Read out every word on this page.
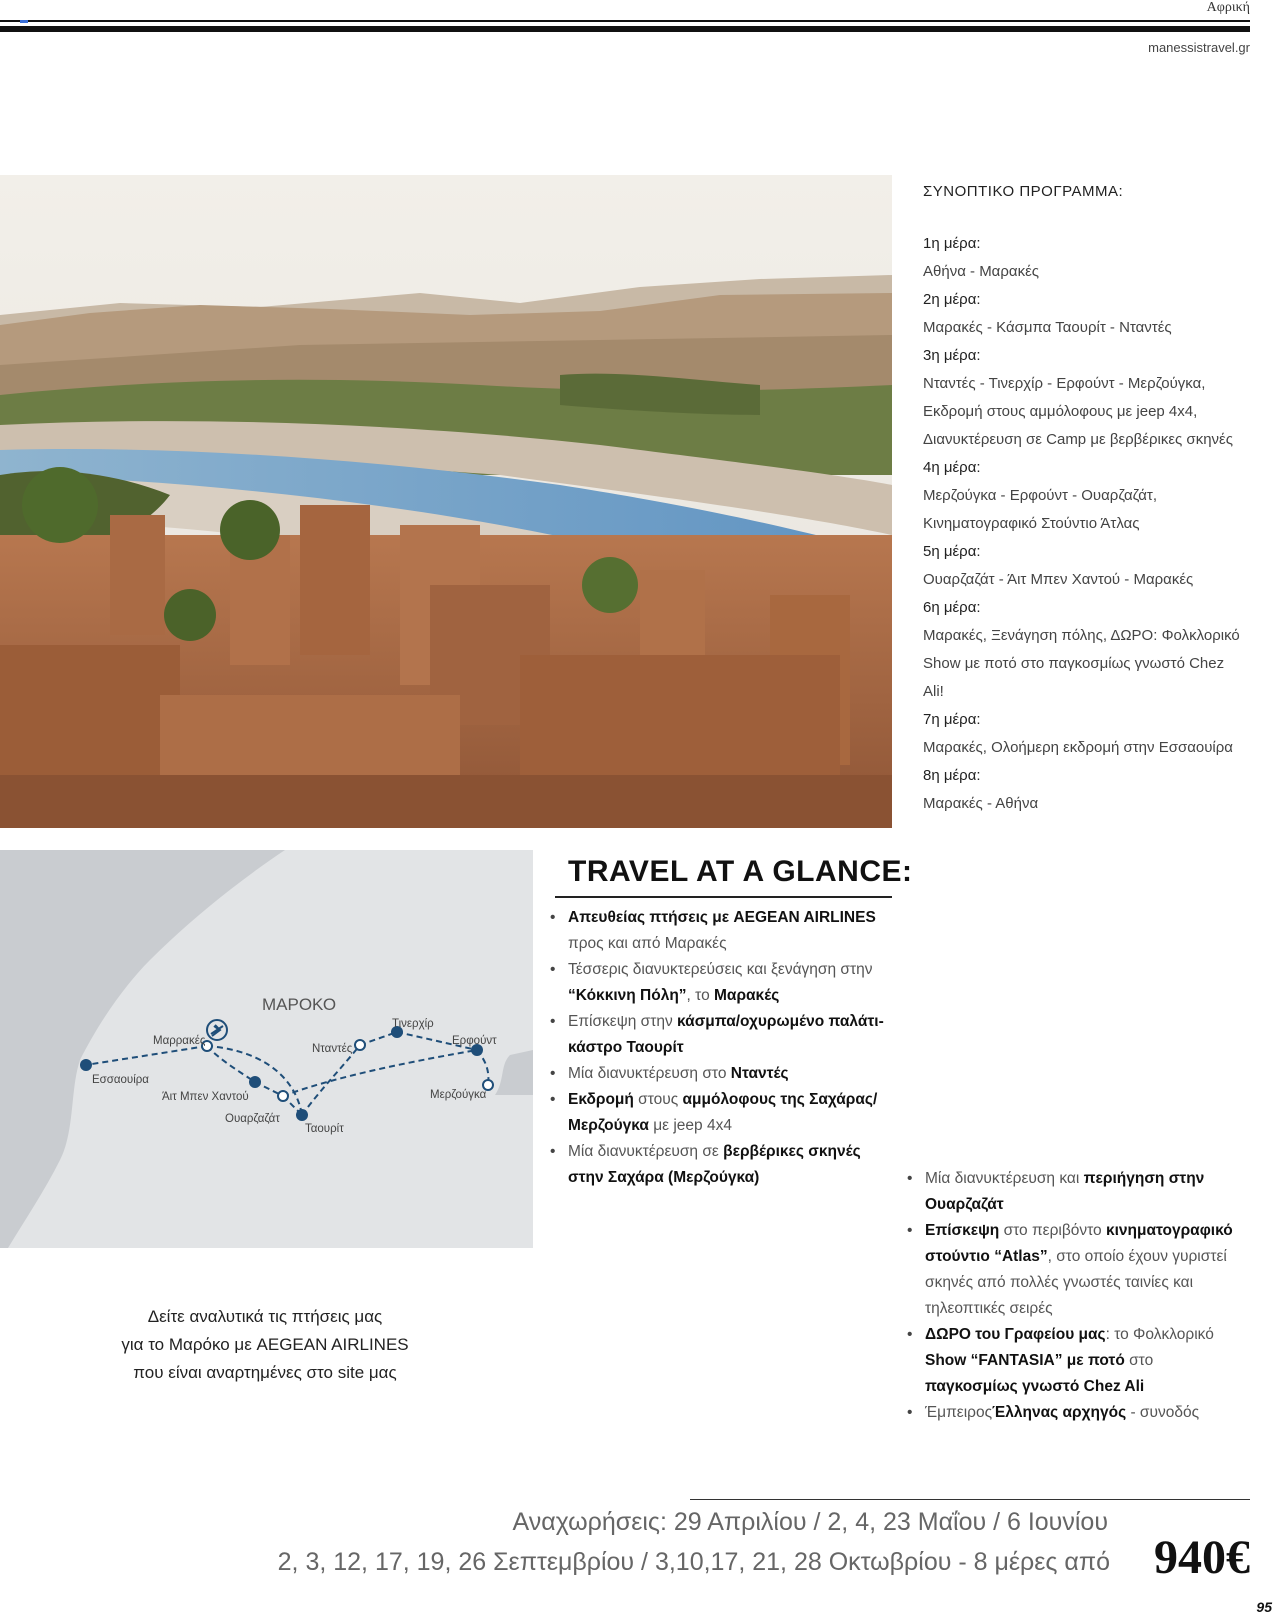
Αφρική
manessistravel.gr
ΣΥΝΟΠΤΙΚΟ ΠΡΟΓΡΑΜΜΑ:
1η μέρα:
Αθήνα - Μαρακές
2η μέρα:
Μαρακές - Κάσμπα Ταουρίτ - Νταντές
3η μέρα:
Νταντές - Τινερχίρ - Ερφούντ - Μερζούγκα,
Εκδρομή στους αμμόλοφους με jeep 4x4,
Διανυκτέρευση σε Camp με βερβέρικες σκηνές
4η μέρα:
Μερζούγκα - Ερφούντ - Ουαρζαζάτ,
Κινηματογραφικό Στούντιο Άτλας
5η μέρα:
Ουαρζαζάτ - Άιτ Μπεν Χαντού - Μαρακές
6η μέρα:
Μαρακές, Ξενάγηση πόλης, ΔΩΡΟ: Φολκλορικό
Show με ποτό στο παγκοσμίως γνωστό Chez
Ali!
7η μέρα:
Μαρακές, Ολοήμερη εκδρομή στην Εσσαουίρα
8η μέρα:
Μαρακές - Αθήνα
ΜΑΡΟΚΟ
Μαρρακές
Εσσαουίρα
Άιτ Μπεν Χαντού
Ουαρζαζάτ
Ταουρίτ
Νταντές
Τινερχίρ
Ερφούντ
Μερζούγκα
TRAVEL AT A GLANCE:
• Απευθείας πτήσεις με AEGEAN AIRLINES προς και από Μαρακές
• Τέσσερις διανυκτερεύσεις και ξενάγηση στην “Κόκκινη Πόλη”, το Μαρακές
• Επίσκεψη στην κάσμπα/οχυρωμένο παλάτι-κάστρο Ταουρίτ
• Μία διανυκτέρευση στο Νταντές
• Εκδρομή στους αμμόλοφους της Σαχάρας/Μερζούγκα με jeep 4x4
• Μία διανυκτέρευση σε βερβέρικες σκηνές στην Σαχάρα (Μερζούγκα)
•	Μία διανυκτέρευση και περιήγηση στην Ουαρζαζάτ
• Επίσκεψη στο περιβόντο κινηματογραφικό στούντιο “Atlas”, στο οποίο έχουν γυριστεί σκηνές από πολλές γνωστές ταινίες και τηλεοπτικές σειρές
• ΔΩΡΟ του Γραφείου μας: το Φολκλορικό Show “FANTASIA” με ποτό στο παγκοσμίως γνωστό Chez Ali
• ΈμπειροςΈλληνας αρχηγός - συνοδός
Δείτε αναλυτικά τις πτήσεις μας
για το Μαρόκο με AEGEAN AIRLINES
που είναι αναρτημένες στο site μας
Αναχωρήσεις: 29 Απριλίου / 2, 4, 23 Μαΐου / 6 Ιουνίου
2, 3, 12, 17, 19, 26 Σεπτεμβρίου / 3,10,17, 21, 28 Οκτωβρίου - 8 μέρες από 940€
95
